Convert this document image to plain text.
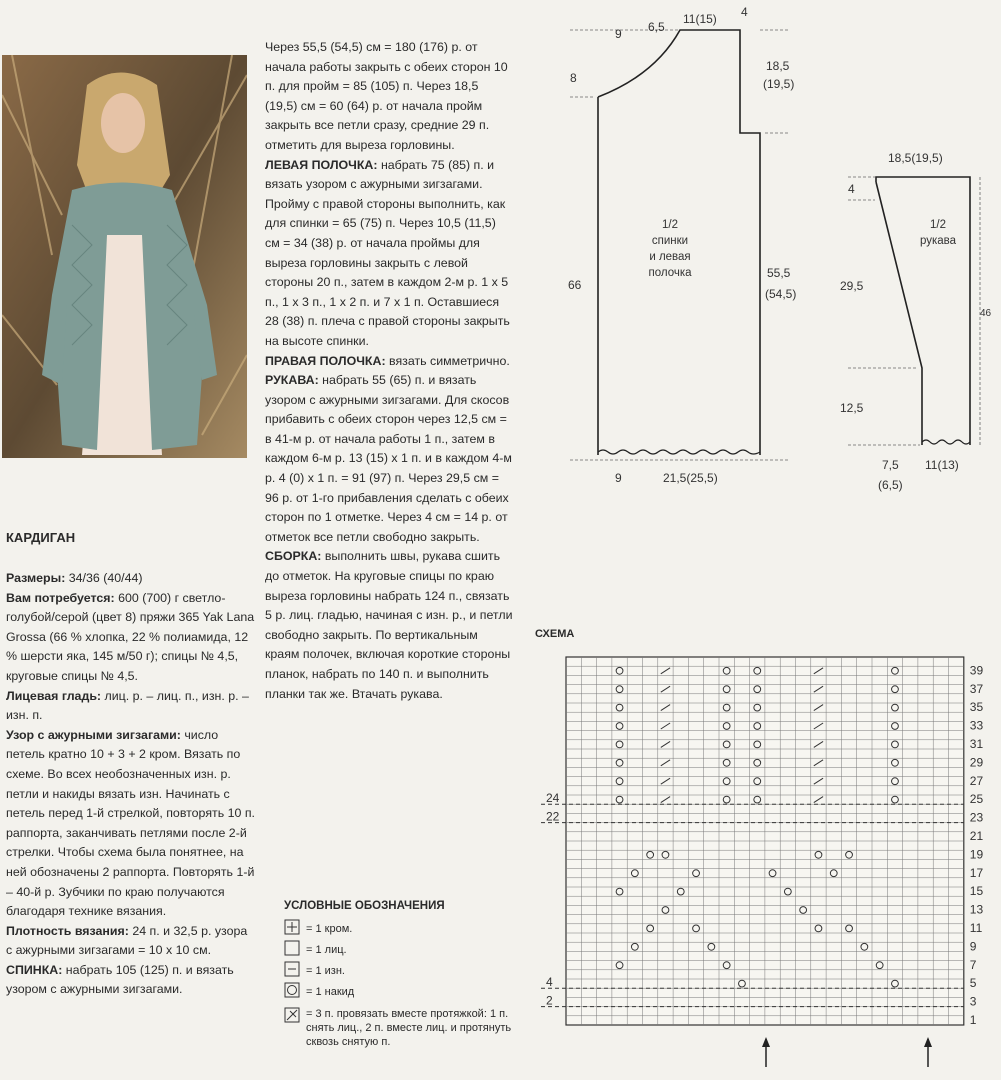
КАРДИГАН

Размеры: 34/36 (40/44)

Вам потребуется: 600 (700) г светло-голубой/серой (цвет 8) пряжи 365 Yak Lana Grossa (66 % хлопка, 22 % полиамида, 12 % шерсти яка, 145 м/50 г); спицы № 4,5, круговые спицы № 4,5.

Лицевая гладь: лиц. р. – лиц. п., изн. р. – изн. п.

Узор с ажурными зигзагами: число петель кратно 10 + 3 + 2 кром. Вязать по схеме. Во всех необозначенных изн. р. петли и накиды вязать изн. Начинать с петель перед 1-й стрелкой, повторять 10 п. раппорта, заканчивать петлями после 2-й стрелки. Чтобы схема была понятнее, на ней обозначены 2 раппорта. Повторять 1-й – 40-й р. Зубчики по краю получаются благодаря технике вязания.

Плотность вязания: 24 п. и 32,5 р. узора с ажурными зигзагами = 10 х 10 см.

СПИНКА: набрать 105 (125) п. и вязать узором с ажурными зигзагами.

Через 55,5 (54,5) см = 180 (176) р. от начала работы закрыть с обеих сторон 10 п. для пройм = 85 (105) п. Через 18,5 (19,5) см = 60 (64) р. от начала пройм закрыть все петли сразу, средние 29 п. отметить для выреза горловины.

ЛЕВАЯ ПОЛОЧКА: набрать 75 (85) п. и вязать узором с ажурными зигзагами. Пройму с правой стороны выполнить, как для спинки = 65 (75) п. Через 10,5 (11,5) см = 34 (38) р. от начала проймы для выреза горловины закрыть с левой стороны 20 п., затем в каждом 2-м р. 1 х 5 п., 1 х 3 п., 1 х 2 п. и 7 х 1 п. Оставшиеся 28 (38) п. плеча с правой стороны закрыть на высоте спинки.

ПРАВАЯ ПОЛОЧКА: вязать симметрично.

РУКАВА: набрать 55 (65) п. и вязать узором с ажурными зигзагами. Для скосов прибавить с обеих сторон через 12,5 см = в 41-м р. от начала работы 1 п., затем в каждом 6-м р. 13 (15) х 1 п. и в каждом 4-м р. 4 (0) х 1 п. = 91 (97) п. Через 29,5 см = 96 р. от 1-го прибавления сделать с обеих сторон по 1 отметке. Через 4 см = 14 р. от отметок все петли свободно закрыть.

СБОРКА: выполнить швы, рукава сшить до отметок. На круговые спицы по краю выреза горловины набрать 124 п., связать 5 р. лиц. гладью, начиная с изн. р., и петли свободно закрыть. По вертикальным краям полочек, включая короткие стороны планок, набрать по 140 п. и выполнить планки так же. Втачать рукава.

УСЛОВНЫЕ ОБОЗНАЧЕНИЯ
= 1 кром.
= 1 лиц.
= 1 изн.
= 1 накид
= 3 п. провязать вместе протяжкой: 1 п. снять лиц., 2 п. вместе лиц. и протянуть сквозь снятую п.
9 6,5
11(15) 4
8
18,5
(19,5)
66
55,5
(54,5)
9	21,5(25,5)
1/2 спинки и левая полочка
18,5(19,5)
4
29,5
46
12,5
7,5
(6,5)
11(13)
1/2 рукава
СХЕМА
39
37
35
33
31
29
27
25
23
21
19
17
15
13
11
9
7
5
3
1
24
22
4
2
